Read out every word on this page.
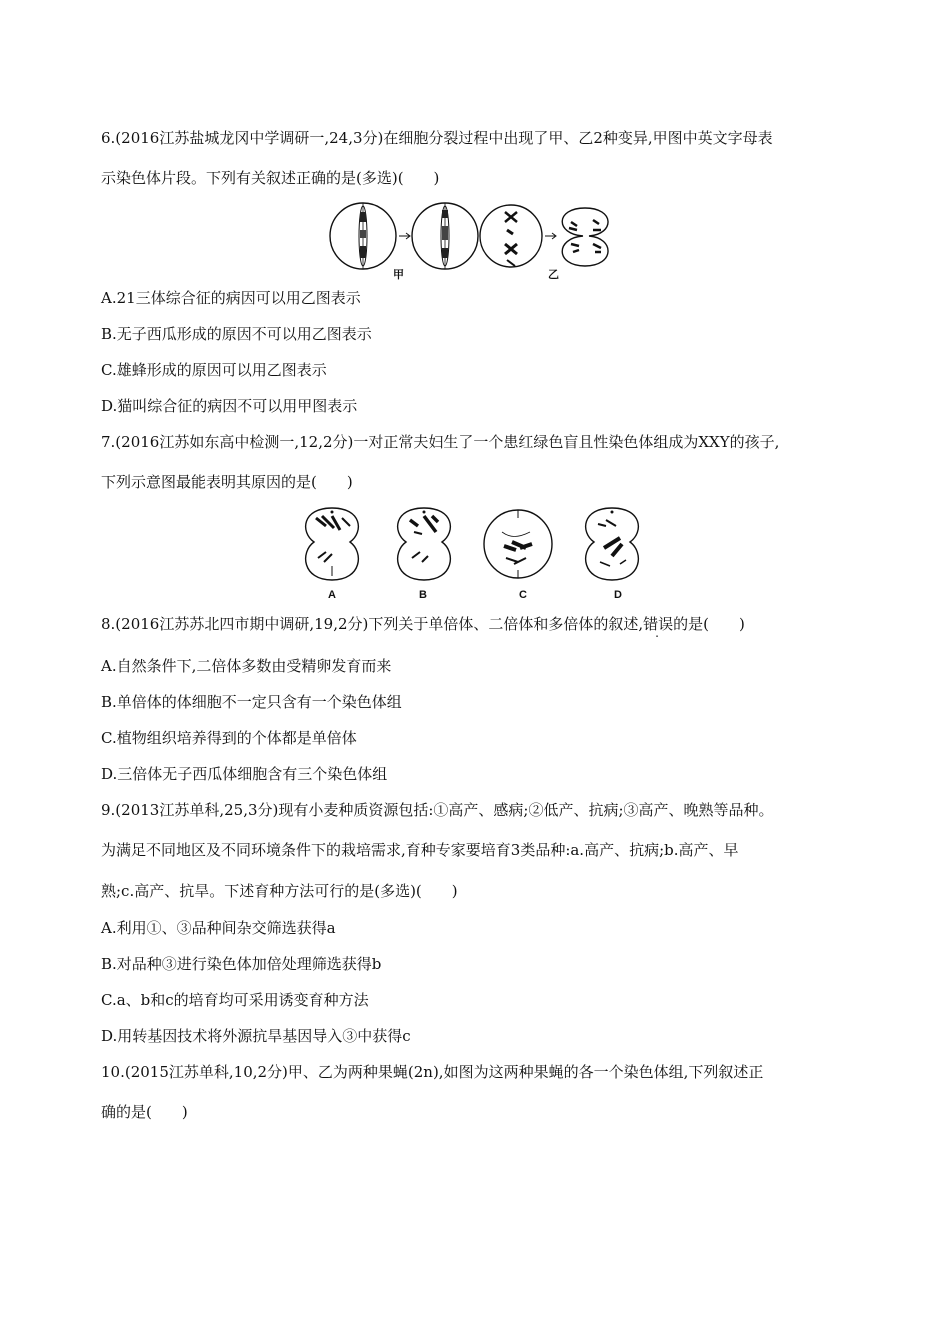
6.(2016江苏盐城龙冈中学调研一,24,3分)在细胞分裂过程中出现了甲、乙2种变异,甲图中英文字母表
示染色体片段。下列有关叙述正确的是(多选)(　　)
甲	乙
A.21三体综合征的病因可以用乙图表示
B.无子西瓜形成的原因不可以用乙图表示
C.雄蜂形成的原因可以用乙图表示
D.猫叫综合征的病因不可以用甲图表示
7.(2016江苏如东高中检测一,12,2分)一对正常夫妇生了一个患红绿色盲且性染色体组成为XXY的孩子,
下列示意图最能表明其原因的是(　　)
A	B	C	D
8.(2016江苏苏北四市期中调研,19,2分)下列关于单倍体、二倍体和多倍体的叙述,错误的是(　　)
A.自然条件下,二倍体多数由受精卵发育而来
B.单倍体的体细胞不一定只含有一个染色体组
C.植物组织培养得到的个体都是单倍体
D.三倍体无子西瓜体细胞含有三个染色体组
9.(2013江苏单科,25,3分)现有小麦种质资源包括:①高产、感病;②低产、抗病;③高产、晚熟等品种。
为满足不同地区及不同环境条件下的栽培需求,育种专家要培育3类品种:a.高产、抗病;b.高产、早
熟;c.高产、抗旱。下述育种方法可行的是(多选)(　　)
A.利用①、③品种间杂交筛选获得a
B.对品种③进行染色体加倍处理筛选获得b
C.a、b和c的培育均可采用诱变育种方法
D.用转基因技术将外源抗旱基因导入③中获得c
10.(2015江苏单科,10,2分)甲、乙为两种果蝇(2n),如图为这两种果蝇的各一个染色体组,下列叙述正
确的是(　　)
